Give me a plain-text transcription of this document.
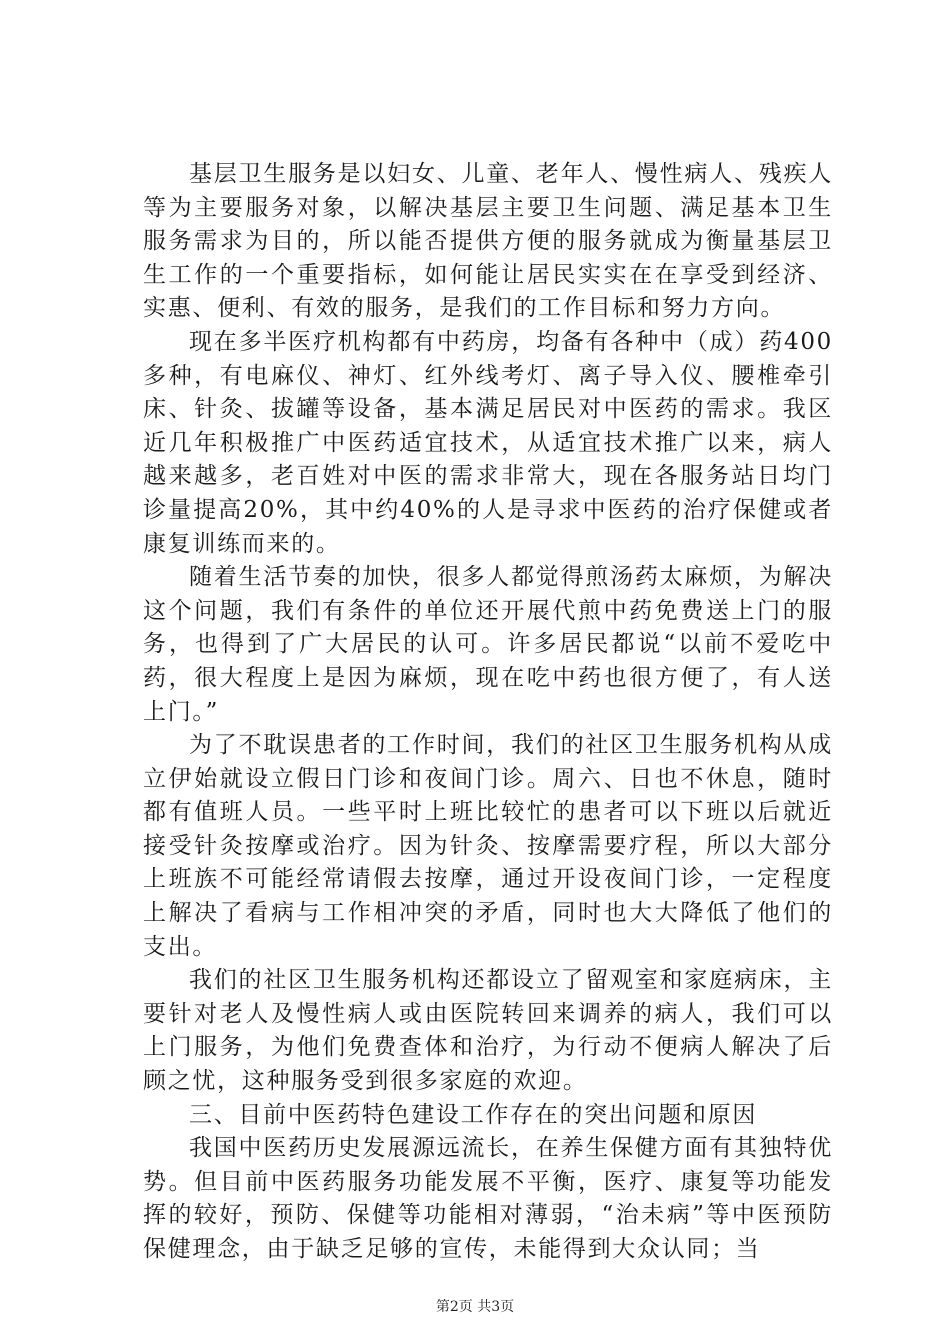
基层卫生服务是以妇女、儿童、老年人、慢性病人、残疾人等为主要服务对象，以解决基层主要卫生问题、满足基本卫生服务需求为目的，所以能否提供方便的服务就成为衡量基层卫生工作的一个重要指标，如何能让居民实实在在享受到经济、实惠、便利、有效的服务，是我们的工作目标和努力方向。

现在多半医疗机构都有中药房，均备有各种中（成）药400多种，有电麻仪、神灯、红外线考灯、离子导入仪、腰椎牵引床、针灸、拔罐等设备，基本满足居民对中医药的需求。我区近几年积极推广中医药适宜技术，从适宜技术推广以来，病人越来越多，老百姓对中医的需求非常大，现在各服务站日均门诊量提高20%，其中约40%的人是寻求中医药的治疗保健或者康复训练而来的。

随着生活节奏的加快，很多人都觉得煎汤药太麻烦，为解决这个问题，我们有条件的单位还开展代煎中药免费送上门的服务，也得到了广大居民的认可。许多居民都说“以前不爱吃中药，很大程度上是因为麻烦，现在吃中药也很方便了，有人送上门。”

为了不耽误患者的工作时间，我们的社区卫生服务机构从成立伊始就设立假日门诊和夜间门诊。周六、日也不休息，随时都有值班人员。一些平时上班比较忙的患者可以下班以后就近接受针灸按摩或治疗。因为针灸、按摩需要疗程，所以大部分上班族不可能经常请假去按摩，通过开设夜间门诊，一定程度上解决了看病与工作相冲突的矛盾，同时也大大降低了他们的支出。

我们的社区卫生服务机构还都设立了留观室和家庭病床，主要针对老人及慢性病人或由医院转回来调养的病人，我们可以上门服务，为他们免费查体和治疗，为行动不便病人解决了后顾之忧，这种服务受到很多家庭的欢迎。

三、目前中医药特色建设工作存在的突出问题和原因

我国中医药历史发展源远流长，在养生保健方面有其独特优势。但目前中医药服务功能发展不平衡，医疗、康复等功能发挥的较好，预防、保健等功能相对薄弱，“治未病”等中医预防保健理念，由于缺乏足够的宣传，未能得到大众认同；当

第2页 共3页
